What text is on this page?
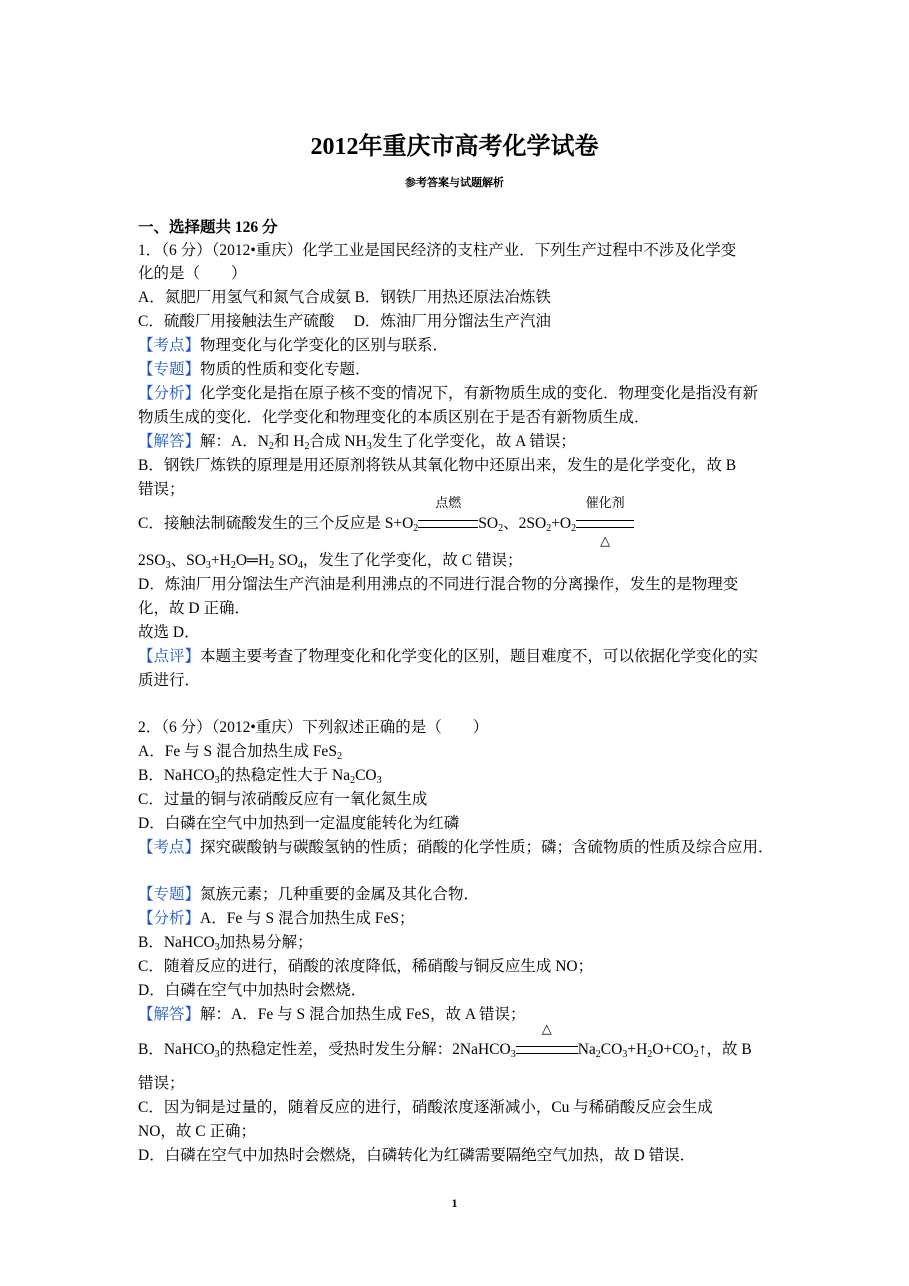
2012年重庆市高考化学试卷
参考答案与试题解析
一、选择题共 126 分
1．（6 分）（2012•重庆）化学工业是国民经济的支柱产业．下列生产过程中不涉及化学变
化的是（　　）
A．氮肥厂用氢气和氮气合成氨 B．钢铁厂用热还原法冶炼铁
C．硫酸厂用接触法生产硫酸　 D．炼油厂用分馏法生产汽油
【考点】物理变化与化学变化的区别与联系．
【专题】物质的性质和变化专题．
【分析】化学变化是指在原子核不变的情况下，有新物质生成的变化．物理变化是指没有新
物质生成的变化．化学变化和物理变化的本质区别在于是否有新物质生成．
【解答】解：A．$N_2$和 $H_2$合成 $NH_3$发生了化学变化，故 A 错误；
B．钢铁厂炼铁的原理是用还原剂将铁从其氧化物中还原出来，发生的是化学变化，故 B
错误；
C．接触法制硫酸发生的三个反应是 $S+O_2$
点燃
$SO_2$、$2SO_2+O_2$
催化剂
△
$2SO_3$、$SO_3+H_2O═H_2$ $SO_4$，发生了化学变化，故 C 错误；
D．炼油厂用分馏法生产汽油是利用沸点的不同进行混合物的分离操作，发生的是物理变
化，故 D 正确．
故选 D．
【点评】本题主要考查了物理变化和化学变化的区别，题目难度不，可以依据化学变化的实
质进行．
2．（6 分）（2012•重庆）下列叙述正确的是（　　）
A．Fe 与 S 混合加热生成 FeS$_2$
B．NaHCO$_3$的热稳定性大于 $Na_2CO_3$
C．过量的铜与浓硝酸反应有一氧化氮生成
D．白磷在空气中加热到一定温度能转化为红磷
【考点】探究碳酸钠与碳酸氢钠的性质；硝酸的化学性质；磷；含硫物质的性质及综合应用．
【专题】氮族元素；几种重要的金属及其化合物．
【分析】A．Fe 与 S 混合加热生成 FeS；
B．NaHCO$_3$加热易分解；
C．随着反应的进行，硝酸的浓度降低，稀硝酸与铜反应生成 NO；
D．白磷在空气中加热时会燃烧．
【解答】解：A．Fe 与 S 混合加热生成 FeS，故 A 错误；
B．NaHCO$_3$的热稳定性差，受热时发生分解：2NaHCO$_3$
△
$Na_2CO_3+H_2O+CO_2↑$，故 B
错误；
C．因为铜是过量的，随着反应的进行，硝酸浓度逐渐减小，Cu 与稀硝酸反应会生成
NO，故 C 正确；
D．白磷在空气中加热时会燃烧，白磷转化为红磷需要隔绝空气加热，故 D 错误．
1
